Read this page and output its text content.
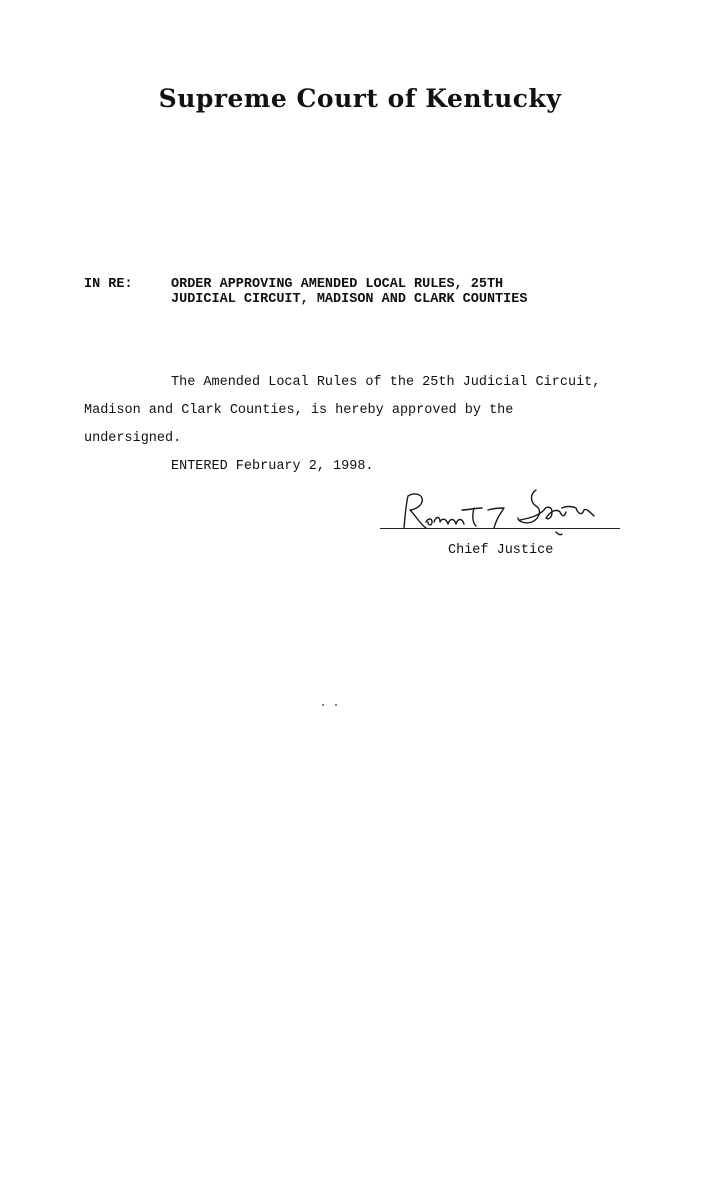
Supreme Court of Kentucky
IN RE:	ORDER APPROVING AMENDED LOCAL RULES, 25TH
JUDICIAL CIRCUIT, MADISON AND CLARK COUNTIES
The Amended Local Rules of the 25th Judicial Circuit,
Madison and Clark Counties, is hereby approved by the
undersigned.
ENTERED February 2, 1998.
Chief Justice
